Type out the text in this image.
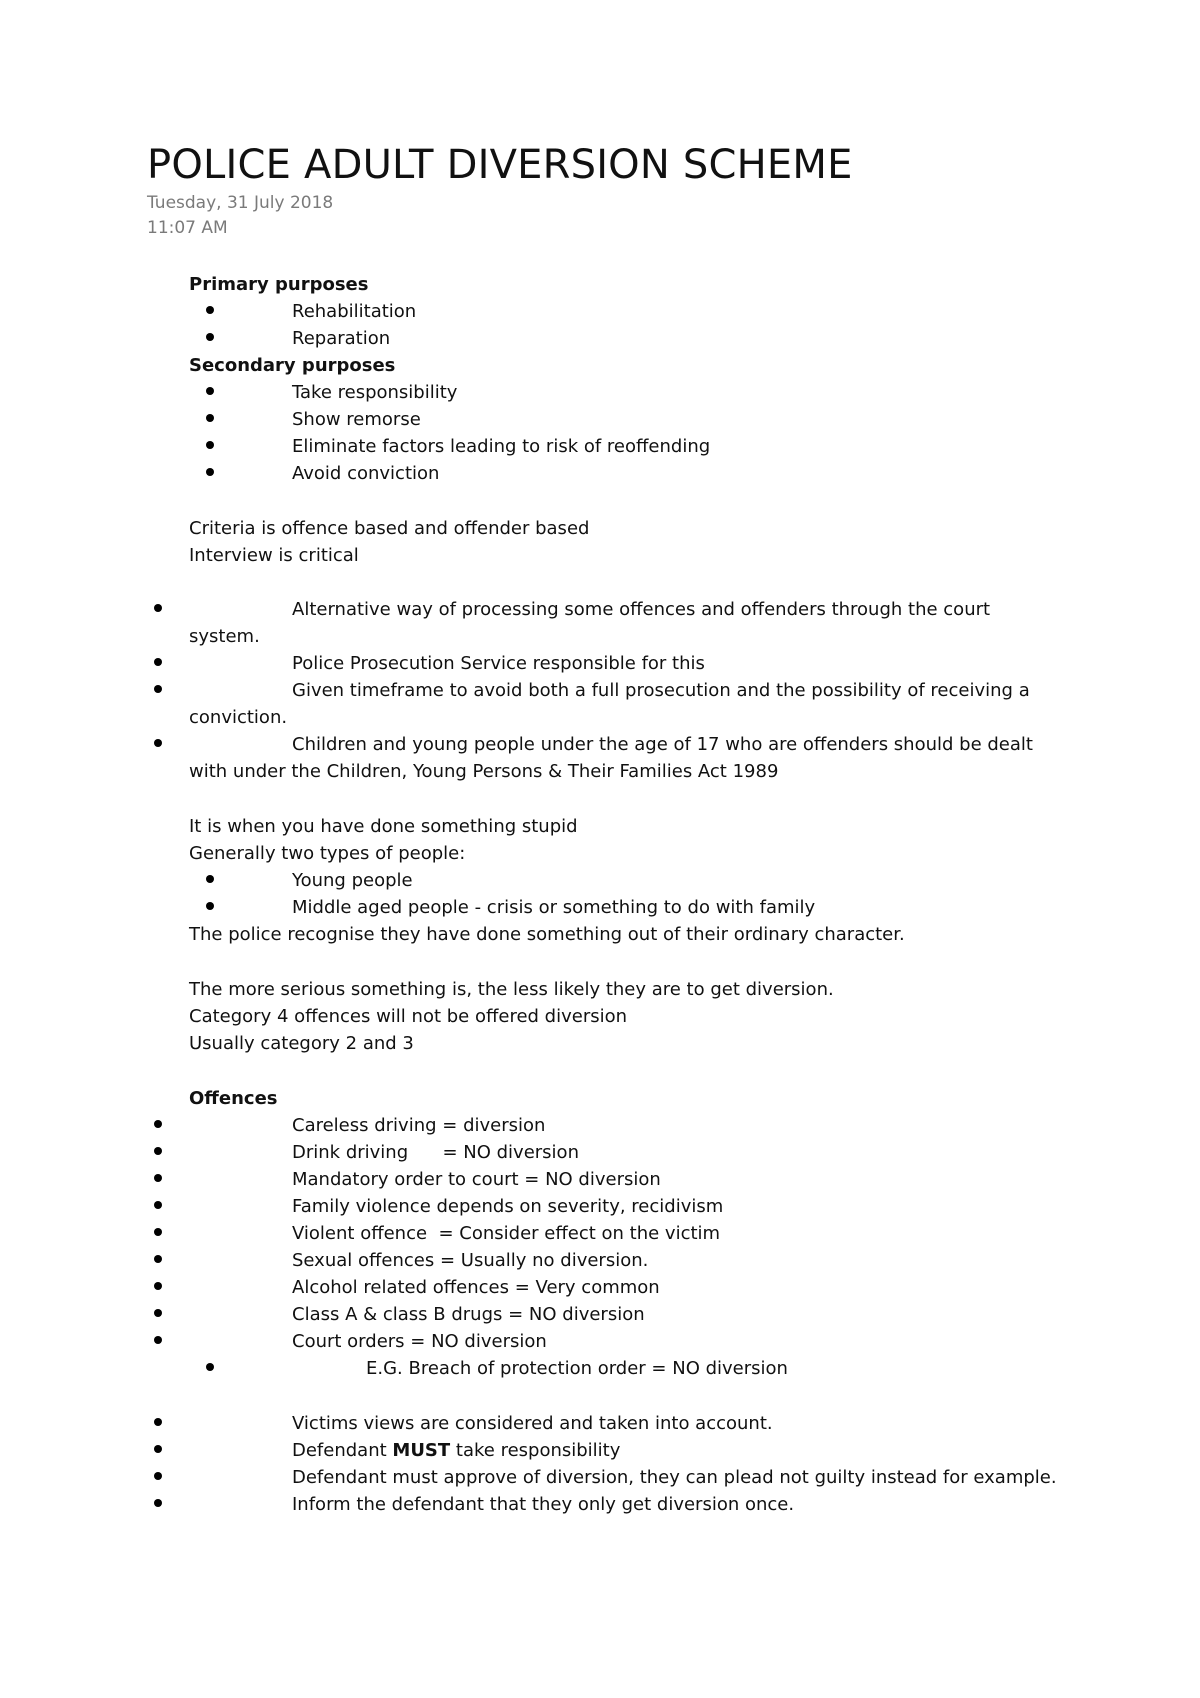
POLICE ADULT DIVERSION SCHEME
Tuesday, 31 July 2018
11:07 AM
Primary purposes
Rehabilitation
Reparation
Secondary purposes
Take responsibility
Show remorse
Eliminate factors leading to risk of reoffending
Avoid conviction
Criteria is offence based and offender based
Interview is critical
Alternative way of processing some offences and offenders through the court
system.
Police Prosecution Service responsible for this
Given timeframe to avoid both a full prosecution and the possibility of receiving a
conviction.
Children and young people under the age of 17 who are offenders should be dealt
with under the Children, Young Persons & Their Families Act 1989
It is when you have done something stupid
Generally two types of people:
Young people
Middle aged people - crisis or something to do with family
The police recognise they have done something out of their ordinary character.
The more serious something is, the less likely they are to get diversion.
Category 4 offences will not be offered diversion
Usually category 2 and 3
Offences
Careless driving = diversion
Drink driving      = NO diversion
Mandatory order to court = NO diversion
Family violence depends on severity, recidivism
Violent offence  = Consider effect on the victim
Sexual offences = Usually no diversion.
Alcohol related offences = Very common
Class A & class B drugs = NO diversion
Court orders = NO diversion
E.G. Breach of protection order = NO diversion
Victims views are considered and taken into account.
Defendant MUST take responsibility
Defendant must approve of diversion, they can plead not guilty instead for example.
Inform the defendant that they only get diversion once.
